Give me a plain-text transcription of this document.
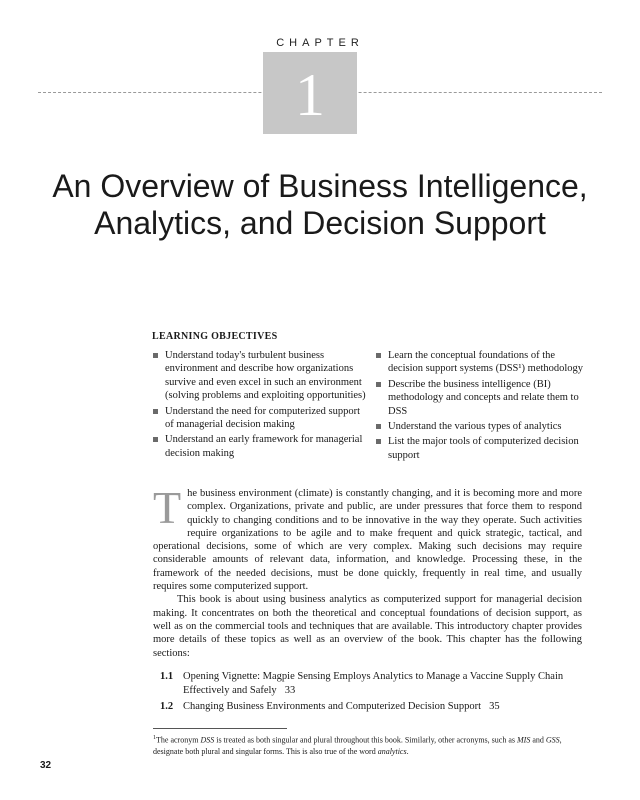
CHAPTER
1
An Overview of Business Intelligence,
Analytics, and Decision Support
LEARNING OBJECTIVES
Understand today's turbulent business environment and describe how organizations survive and even excel in such an environment (solving problems and exploiting opportunities)
Understand the need for computerized support of managerial decision making
Understand an early framework for managerial decision making
Learn the conceptual foundations of the decision support systems (DSS¹) methodology
Describe the business intelligence (BI) methodology and concepts and relate them to DSS
Understand the various types of analytics
List the major tools of computerized decision support

The business environment (climate) is constantly changing, and it is becoming more and more complex. Organizations, private and public, are under pressures that force them to respond quickly to changing conditions and to be innovative in the way they operate. Such activities require organizations to be agile and to make frequent and quick strategic, tactical, and operational decisions, some of which are very complex. Making such decisions may require considerable amounts of relevant data, information, and knowledge. Processing these, in the framework of the needed decisions, must be done quickly, frequently in real time, and usually requires some computerized support.

This book is about using business analytics as computerized support for managerial decision making. It concentrates on both the theoretical and conceptual foundations of decision support, as well as on the commercial tools and techniques that are available. This introductory chapter provides more details of these topics as well as an overview of the book. This chapter has the following sections:

1.1 Opening Vignette: Magpie Sensing Employs Analytics to Manage a Vaccine Supply Chain Effectively and Safely 33
1.2 Changing Business Environments and Computerized Decision Support 35

$^1$The acronym DSS is treated as both singular and plural throughout this book. Similarly, other acronyms, such as MIS and GSS, designate both plural and singular forms. This is also true of the word analytics.

32
